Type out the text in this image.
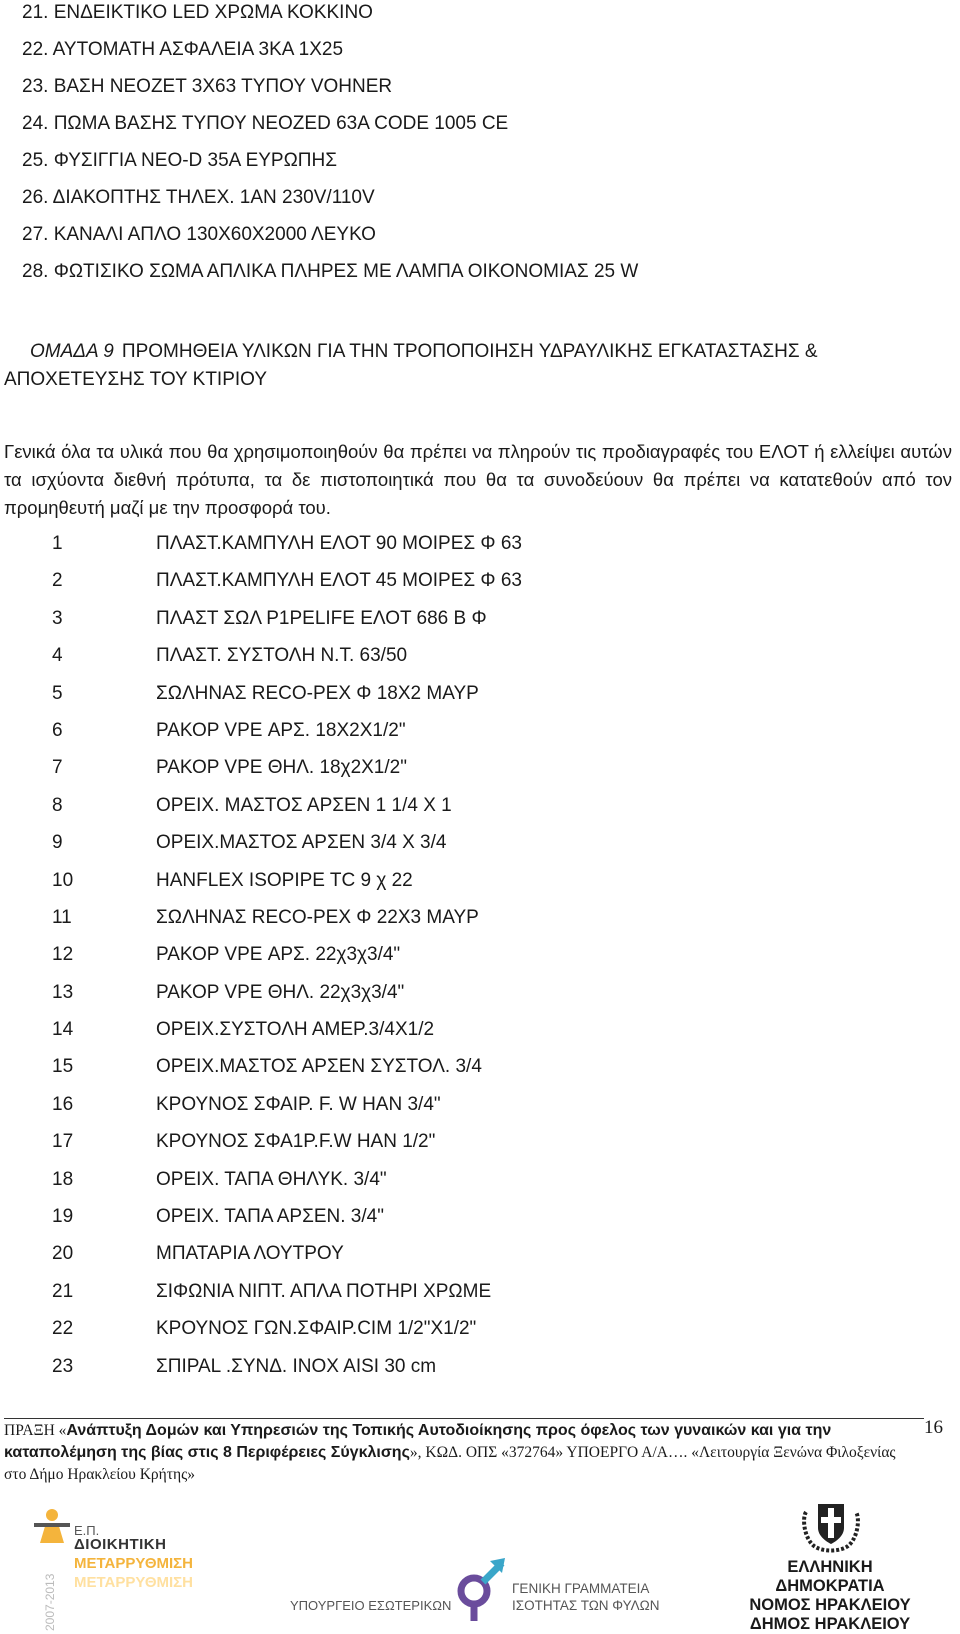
21. ΕΝΔΕΙΚΤΙΚΟ LED ΧΡΩΜΑ ΚΟΚΚΙΝΟ
22. ΑΥΤΟΜΑΤΗ ΑΣΦΑΛΕΙΑ 3ΚΑ 1Χ25
23. ΒΑΣΗ ΝΕΟΖΕΤ 3Χ63 ΤΥΠΟΥ VOHNER
24. ΠΩΜΑ ΒΑΣΗΣ ΤΥΠΟΥ ΝΕΟΖΕD 63A CODE 1005 CE
25. ΦΥΣΙΓΓΙΑ ΝΕΟ-D 35A ΕΥΡΩΠΗΣ
26. ΔΙΑΚΟΠΤΗΣ ΤΗΛΕΧ. 1ΑΝ 230V/110V
27. ΚΑΝΑΛΙ ΑΠΛΟ 130Χ60Χ2000 ΛΕΥΚΟ
28. ΦΩΤΙΣΙΚΟ ΣΩΜΑ ΑΠΛΙΚΑ ΠΛΗΡΕΣ ΜΕ ΛΑΜΠΑ ΟΙΚΟΝΟΜΙΑΣ 25 W
ΟΜΑΔΑ 9 ΠΡΟΜΗΘΕΙΑ ΥΛΙΚΩΝ ΓΙΑ ΤΗΝ ΤΡΟΠΟΠΟΙΗΣΗ ΥΔΡΑΥΛΙΚΗΣ ΕΓΚΑΤΑΣΤΑΣΗΣ & ΑΠΟΧΕΤΕΥΣΗΣ ΤΟΥ ΚΤΙΡΙΟΥ

Γενικά όλα τα υλικά που θα χρησιμοποιηθούν θα πρέπει να πληρούν τις προδιαγραφές του ΕΛΟΤ ή ελλείψει αυτών τα ισχύοντα διεθνή πρότυπα, τα δε πιστοποιητικά που θα τα συνοδεύουν θα πρέπει να κατατεθούν από τον προμηθευτή μαζί με την προσφορά του.

1	ΠΛΑΣΤ.ΚΑΜΠΥΛΗ ΕΛΟΤ 90 ΜΟΙΡΕΣ Φ 63
2	ΠΛΑΣΤ.ΚΑΜΠΥΛΗ ΕΛΟΤ 45 ΜΟΙΡΕΣ Φ 63
3	ΠΛΑΣΤ ΣΩΛ P1PELIFE ΕΛΟΤ 686 Β Φ
4	ΠΛΑΣΤ. ΣΥΣΤΟΛΗ Ν.Τ. 63/50
5	ΣΩΛΗΝΑΣ RECO-PEX Φ 18Χ2 ΜΑΥΡ
6	ΡΑΚΟΡ VPE ΑΡΣ. 18Χ2Χ1/2"
7	ΡΑΚΟΡ VPE ΘΗΛ. 18χ2Χ1/2"
8	ΟΡΕΙΧ. ΜΑΣΤΟΣ ΑΡΣΕΝ 1 1/4 Χ 1
9	ΟΡΕΙΧ.ΜΑΣΤΟΣ ΑΡΣΕΝ 3/4 Χ 3/4
10	HANFLEX ISOPIPE TC 9 χ 22
11	ΣΩΛΗΝΑΣ RECO-PEX Φ 22Χ3 ΜΑΥΡ
12	ΡΑΚΟΡ VPE ΑΡΣ. 22χ3χ3/4"
13	ΡΑΚΟΡ VPE ΘΗΛ. 22χ3χ3/4"
14	ΟΡΕΙΧ.ΣΥΣΤΟΛΗ ΑΜΕΡ.3/4Χ1/2
15	ΟΡΕΙΧ.ΜΑΣΤΟΣ ΑΡΣΕΝ ΣΥΣΤΟΛ. 3/4
16	ΚΡΟΥΝΟΣ ΣΦΑΙΡ. F. W ΗΑΝ 3/4"
17	ΚΡΟΥΝΟΣ ΣΦΑ1Ρ.F.W ΗΑΝ 1/2"
18	ΟΡΕΙΧ. ΤΑΠΑ ΘΗΛΥΚ. 3/4"
19	ΟΡΕΙΧ. ΤΑΠΑ ΑΡΣΕΝ. 3/4"
20	ΜΠΑΤΑΡΙΑ ΛΟΥΤΡΟΥ
21	ΣΙΦΩΝΙΑ ΝΙΠΤ. ΑΠΛΑ ΠΟΤΗΡΙ ΧΡΩΜΕ
22	ΚΡΟΥΝΟΣ ΓΩΝ.ΣΦΑΙΡ.CIM 1/2"Χ1/2"
23	ΣΠΙΡΑL .ΣΥΝΔ. INOX AISI 30 cm
ΠΡΑΞΗ «Ανάπτυξη Δομών και Υπηρεσιών της Τοπικής Αυτοδιοίκησης προς όφελος των γυναικών και για την καταπολέμηση της βίας στις 8 Περιφέρειες Σύγκλισης», ΚΩΔ. ΟΠΣ «372764» ΥΠΟΕΡΓΟ Α/Α…. «Λειτουργία Ξενώνα Φιλοξενίας στο Δήμο Ηρακλείου Κρήτης»
16
2007-2013
Ε.Π.
ΔΙΟΙΚΗΤΙΚΗ
ΜΕΤΑΡΡΥΘΜΙΣΗ
ΜΕΤΑΡΡΥΘΜΙΣΗ
ΥΠΟΥΡΓΕΙΟ ΕΣΩΤΕΡΙΚΩΝ
ΓΕΝΙΚΗ ΓΡΑΜΜΑΤΕΙΑ
ΙΣΟΤΗΤΑΣ ΤΩΝ ΦΥΛΩΝ
ΕΛΛΗΝΙΚΗ
ΔΗΜΟΚΡΑΤΙΑ
ΝΟΜΟΣ ΗΡΑΚΛΕΙΟΥ
ΔΗΜΟΣ ΗΡΑΚΛΕΙΟΥ
